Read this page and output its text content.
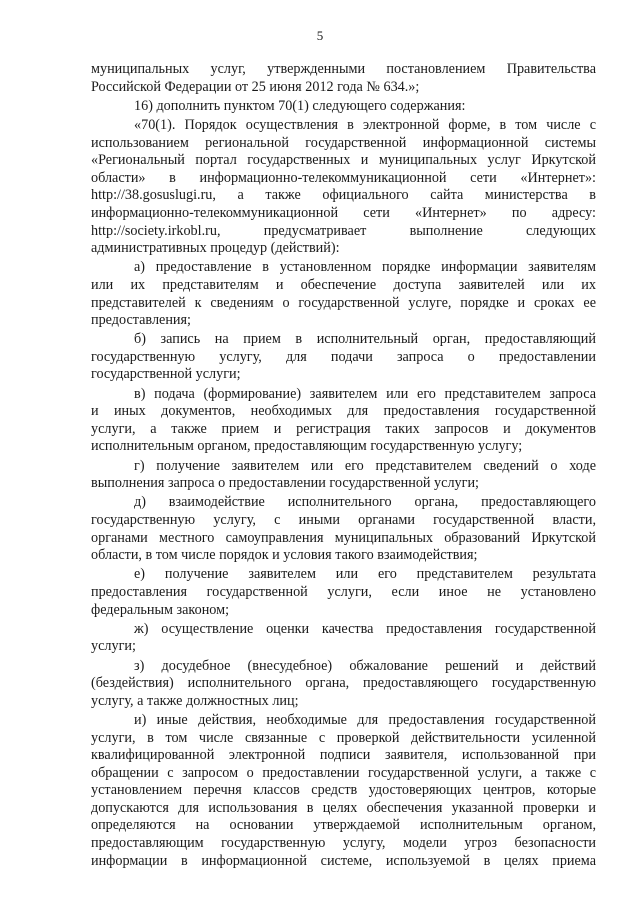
5
муниципальных услуг, утвержденными постановлением Правительства
Российской Федерации от 25 июня 2012 года № 634.»;
16) дополнить пунктом 70(1) следующего содержания:
«70(1). Порядок осуществления в электронной форме, в том числе с
использованием региональной государственной информационной системы
«Региональный портал государственных и муниципальных услуг Иркутской
области» в информационно-телекоммуникационной сети «Интернет»:
http://38.gosuslugi.ru, а также официального сайта министерства в
информационно-телекоммуникационной сети «Интернет» по адресу:
http://society.irkobl.ru, предусматривает выполнение следующих
административных процедур (действий):
а) предоставление в установленном порядке информации заявителям
или их представителям и обеспечение доступа заявителей или их
представителей к сведениям о государственной услуге, порядке и сроках ее
предоставления;
б) запись на прием в исполнительный орган, предоставляющий
государственную услугу, для подачи запроса о предоставлении
государственной услуги;
в) подача (формирование) заявителем или его представителем запроса
и иных документов, необходимых для предоставления государственной
услуги, а также прием и регистрация таких запросов и документов
исполнительным органом, предоставляющим государственную услугу;
г) получение заявителем или его представителем сведений о ходе
выполнения запроса о предоставлении государственной услуги;
д) взаимодействие исполнительного органа, предоставляющего
государственную услугу, с иными органами государственной власти,
органами местного самоуправления муниципальных образований Иркутской
области, в том числе порядок и условия такого взаимодействия;
е) получение заявителем или его представителем результата
предоставления государственной услуги, если иное не установлено
федеральным законом;
ж) осуществление оценки качества предоставления государственной
услуги;
з) досудебное (внесудебное) обжалование решений и действий
(бездействия) исполнительного органа, предоставляющего государственную
услугу, а также должностных лиц;
и) иные действия, необходимые для предоставления государственной
услуги, в том числе связанные с проверкой действительности усиленной
квалифицированной электронной подписи заявителя, использованной при
обращении с запросом о предоставлении государственной услуги, а также с
установлением перечня классов средств удостоверяющих центров, которые
допускаются для использования в целях обеспечения указанной проверки и
определяются на основании утверждаемой исполнительным органом,
предоставляющим государственную услугу, модели угроз безопасности
информации в информационной системе, используемой в целях приема
